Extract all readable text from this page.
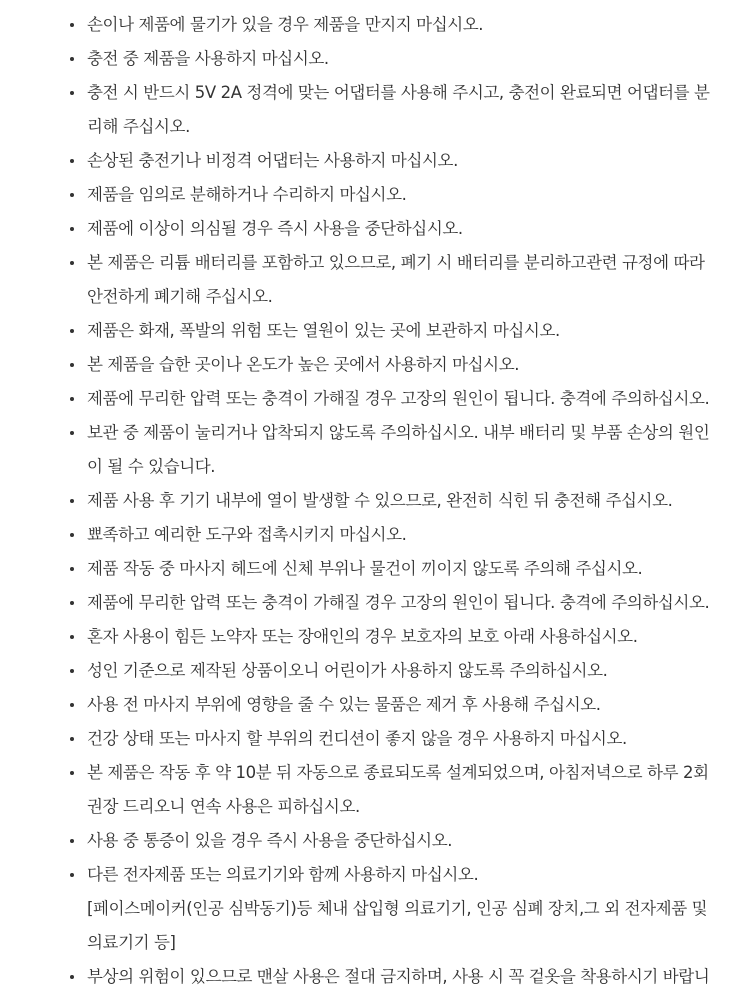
손이나 제품에 물기가 있을 경우 제품을 만지지 마십시오.
충전 중 제품을 사용하지 마십시오.
충전 시 반드시 5V 2A 정격에 맞는 어댑터를 사용해 주시고, 충전이 완료되면 어댑터를 분
리해 주십시오.
손상된 충전기나 비정격 어댑터는 사용하지 마십시오.
제품을 임의로 분해하거나 수리하지 마십시오.
제품에 이상이 의심될 경우 즉시 사용을 중단하십시오.
본 제품은 리튬 배터리를 포함하고 있으므로, 폐기 시 배터리를 분리하고관련 규정에 따라
안전하게 폐기해 주십시오.
제품은 화재, 폭발의 위험 또는 열원이 있는 곳에 보관하지 마십시오.
본 제품을 습한 곳이나 온도가 높은 곳에서 사용하지 마십시오.
제품에 무리한 압력 또는 충격이 가해질 경우 고장의 원인이 됩니다. 충격에 주의하십시오.
보관 중 제품이 눌리거나 압착되지 않도록 주의하십시오. 내부 배터리 및 부품 손상의 원인
이 될 수 있습니다.
제품 사용 후 기기 내부에 열이 발생할 수 있으므로, 완전히 식힌 뒤 충전해 주십시오.
뾰족하고 예리한 도구와 접촉시키지 마십시오.
제품 작동 중 마사지 헤드에 신체 부위나 물건이 끼이지 않도록 주의해 주십시오.
제품에 무리한 압력 또는 충격이 가해질 경우 고장의 원인이 됩니다. 충격에 주의하십시오.
혼자 사용이 힘든 노약자 또는 장애인의 경우 보호자의 보호 아래 사용하십시오.
성인 기준으로 제작된 상품이오니 어린이가 사용하지 않도록 주의하십시오.
사용 전 마사지 부위에 영향을 줄 수 있는 물품은 제거 후 사용해 주십시오.
건강 상태 또는 마사지 할 부위의 컨디션이 좋지 않을 경우 사용하지 마십시오.
본 제품은 작동 후 약 10분 뒤 자동으로 종료되도록 설계되었으며, 아침저녁으로 하루 2회
권장 드리오니 연속 사용은 피하십시오.
사용 중 통증이 있을 경우 즉시 사용을 중단하십시오.
다른 전자제품 또는 의료기기와 함께 사용하지 마십시오.
[페이스메이커(인공 심박동기)등 체내 삽입형 의료기기, 인공 심폐 장치,그 외 전자제품 및
의료기기 등]
부상의 위험이 있으므로 맨살 사용은 절대 금지하며, 사용 시 꼭 겉옷을 착용하시기 바랍니
